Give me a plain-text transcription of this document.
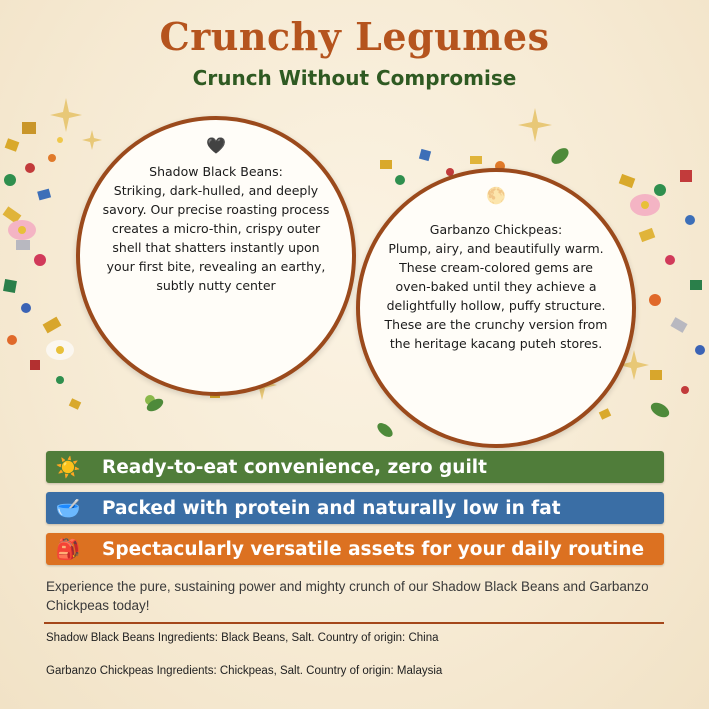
Crunchy Legumes
Crunch Without Compromise
🖤

Shadow Black Beans:

Striking, dark-hulled, and deeply savory. Our precise roasting process creates a micro-thin, crispy outer shell that shatters instantly upon your first bite, revealing an earthy, subtly nutty center

🌕

Garbanzo Chickpeas:

Plump, airy, and beautifully warm. These cream-colored gems are oven-baked until they achieve a delightfully hollow, puffy structure. These are the crunchy version from the heritage kacang puteh stores.

☀️	Ready-to-eat convenience, zero guilt
🥣	Packed with protein and naturally low in fat
🎒	Spectacularly versatile assets for your daily routine
Experience the pure, sustaining power and mighty crunch of our Shadow Black Beans and Garbanzo Chickpeas today!
Shadow Black Beans Ingredients: Black Beans, Salt. Country of origin: China
Garbanzo Chickpeas Ingredients: Chickpeas, Salt. Country of origin: Malaysia
